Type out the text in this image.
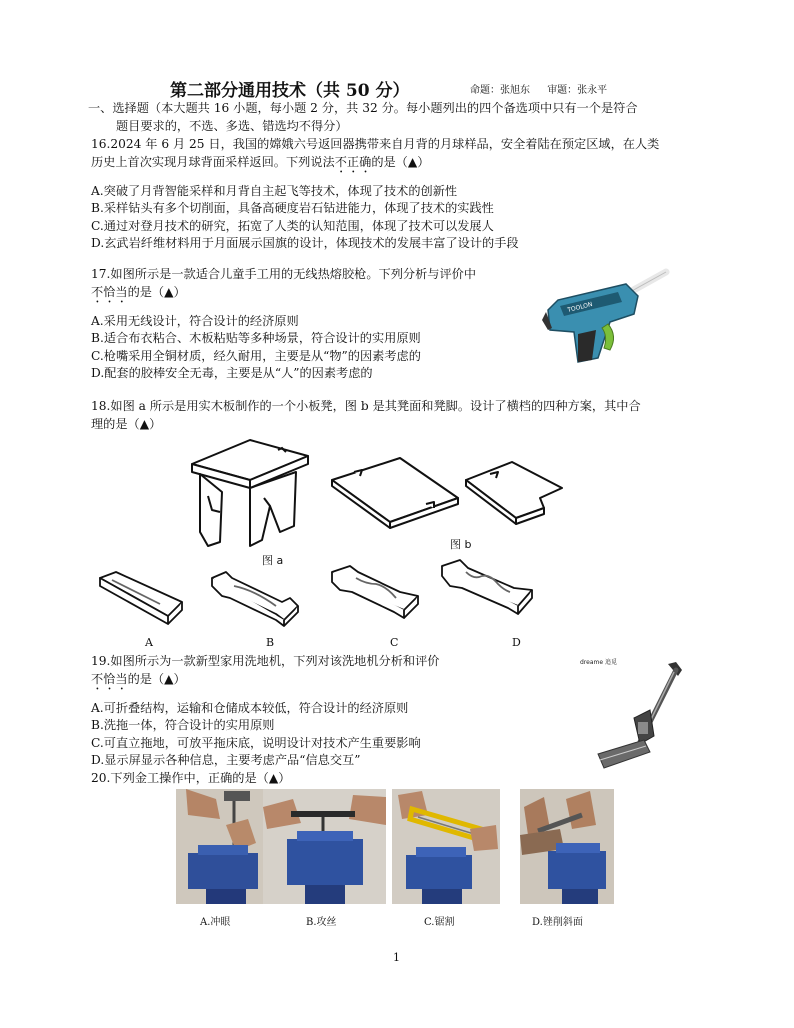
第二部分通用技术（共 50 分）	命题：张旭东 审题：张永平
一、选择题（本大题共 16 小题，每小题 2 分，共 32 分。每小题列出的四个备选项中只有一个是符合
题目要求的，不选、多选、错选均不得分）
16.2024 年 6 月 25 日，我国的嫦娥六号返回器携带来自月背的月球样品，安全着陆在预定区域，在人类
历史上首次实现月球背面采样返回。下列说法不正确的是（▲）
A.突破了月背智能采样和月背自主起飞等技术，体现了技术的创新性
B.采样钻头有多个切削面，具备高硬度岩石钻进能力，体现了技术的实践性
C.通过对登月技术的研究，拓宽了人类的认知范围，体现了技术可以发展人
D.玄武岩纤维材料用于月面展示国旗的设计，体现技术的发展丰富了设计的手段
17.如图所示是一款适合儿童手工用的无线热熔胶枪。下列分析与评价中
不恰当的是（▲）
A.采用无线设计，符合设计的经济原则
B.适合布衣粘合、木板粘贴等多种场景，符合设计的实用原则
C.枪嘴采用全铜材质，经久耐用，主要是从“物”的因素考虑的
D.配套的胶棒安全无毒，主要是从“人”的因素考虑的
TOOLON
18.如图 a 所示是用实木板制作的一个小板凳，图 b 是其凳面和凳脚。设计了横档的四种方案，其中合
理的是（▲）
图 a
图 b
A	B	C	D
19.如图所示为一款新型家用洗地机，下列对该洗地机分析和评价
不恰当的是（▲）
A.可折叠结构，运输和仓储成本较低，符合设计的经济原则
B.洗拖一体，符合设计的实用原则
C.可直立拖地，可放平拖床底，说明设计对技术产生重要影响
D.显示屏显示各种信息，主要考虑产品“信息交互”
20.下列金工操作中，正确的是（▲）
dreame 追觅
A.冲眼	B.攻丝	C.锯割	D.锉削斜面
1
